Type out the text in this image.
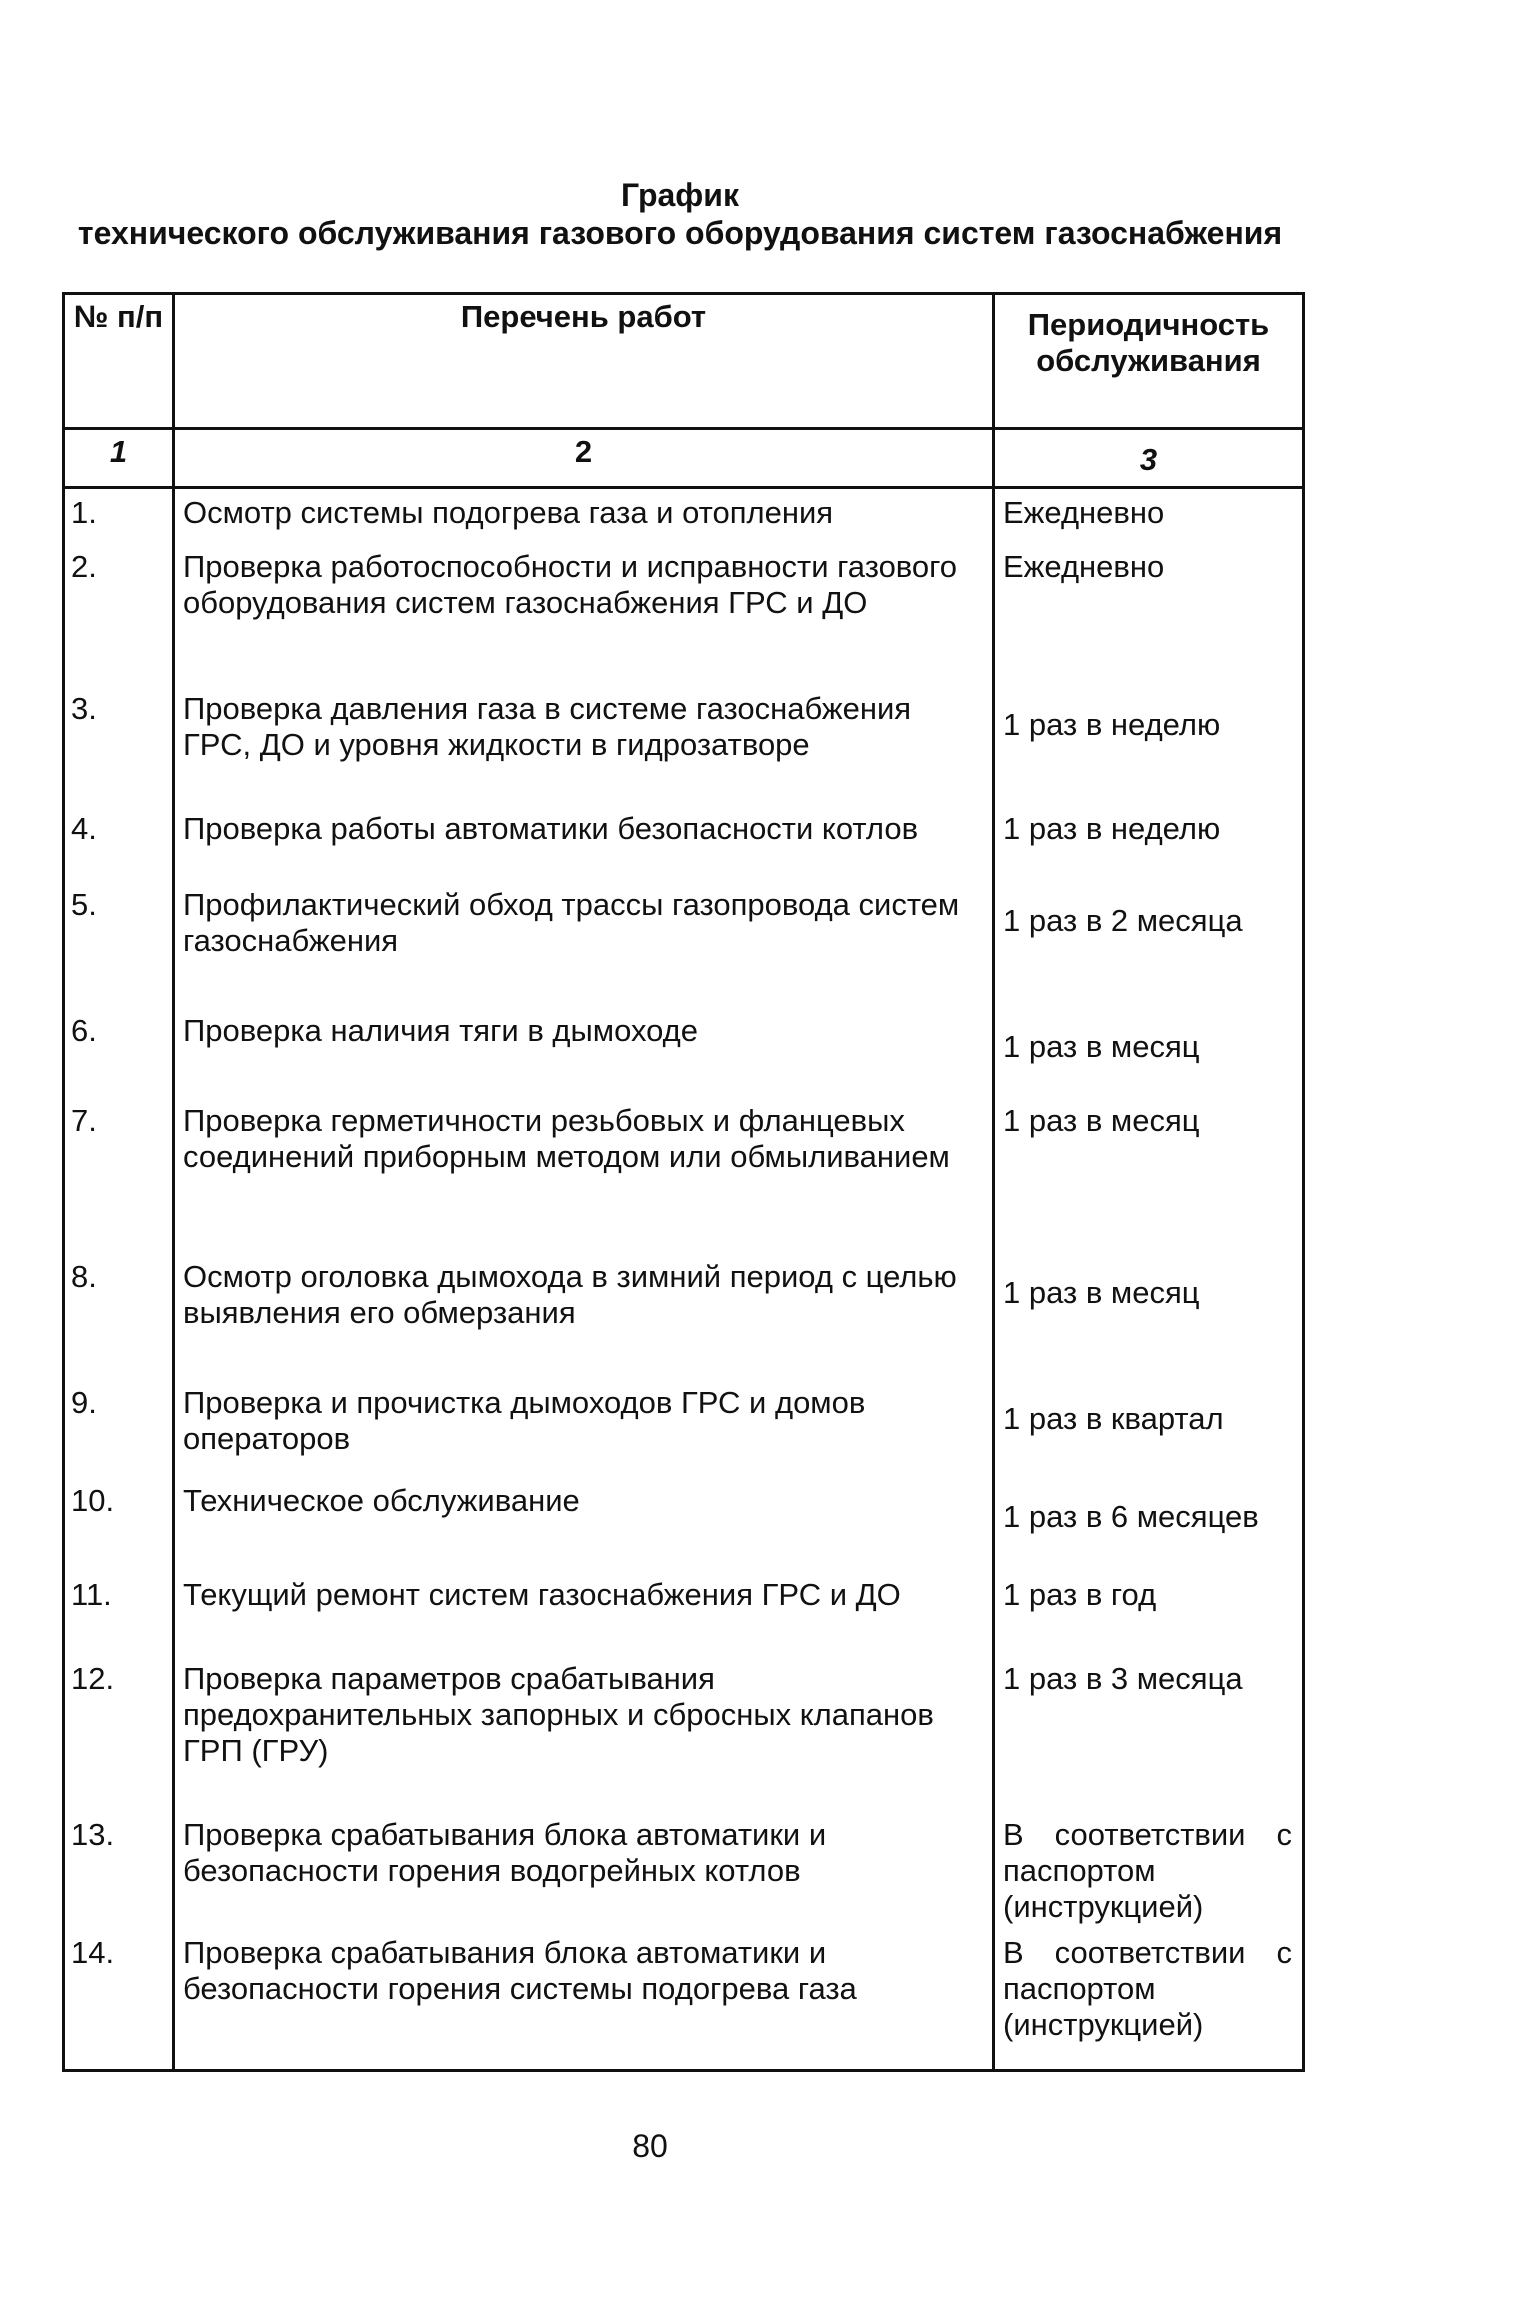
График
технического обслуживания газового оборудования систем газоснабжения
№ п/п	Перечень работ	Периодичность обслуживания
1	2	3
1.	Осмотр системы подогрева газа и отопления	Ежедневно
2.	Проверка работоспособности и исправности газового оборудования систем газоснабжения ГРС и ДО	Ежедневно
3.	Проверка давления газа в системе газоснабжения ГРС, ДО и уровня жидкости в гидрозатворе	1 раз в неделю
4.	Проверка работы автоматики безопасности котлов	1 раз в неделю
5.	Профилактический обход трассы газопровода систем газоснабжения	1 раз в 2 месяца
6.	Проверка наличия тяги в дымоходе	1 раз в месяц
7.	Проверка герметичности резьбовых и фланцевых соединений приборным методом или обмыливанием	1 раз в месяц
8.	Осмотр оголовка дымохода в зимний период с целью выявления его обмерзания	1 раз в месяц
9.	Проверка и прочистка дымоходов ГРС и домов операторов	1 раз в квартал
10.	Техническое обслуживание	1 раз в 6 месяцев
11.	Текущий ремонт систем газоснабжения ГРС и ДО	1 раз в год
12.	Проверка параметров срабатывания предохранительных запорных и сбросных клапанов ГРП (ГРУ)	1 раз в 3 месяца
13.	Проверка срабатывания блока автоматики и безопасности горения водогрейных котлов	В соответствии с паспортом (инструкцией)
14.	Проверка срабатывания блока автоматики и безопасности горения системы подогрева газа	В соответствии с паспортом (инструкцией)
80
